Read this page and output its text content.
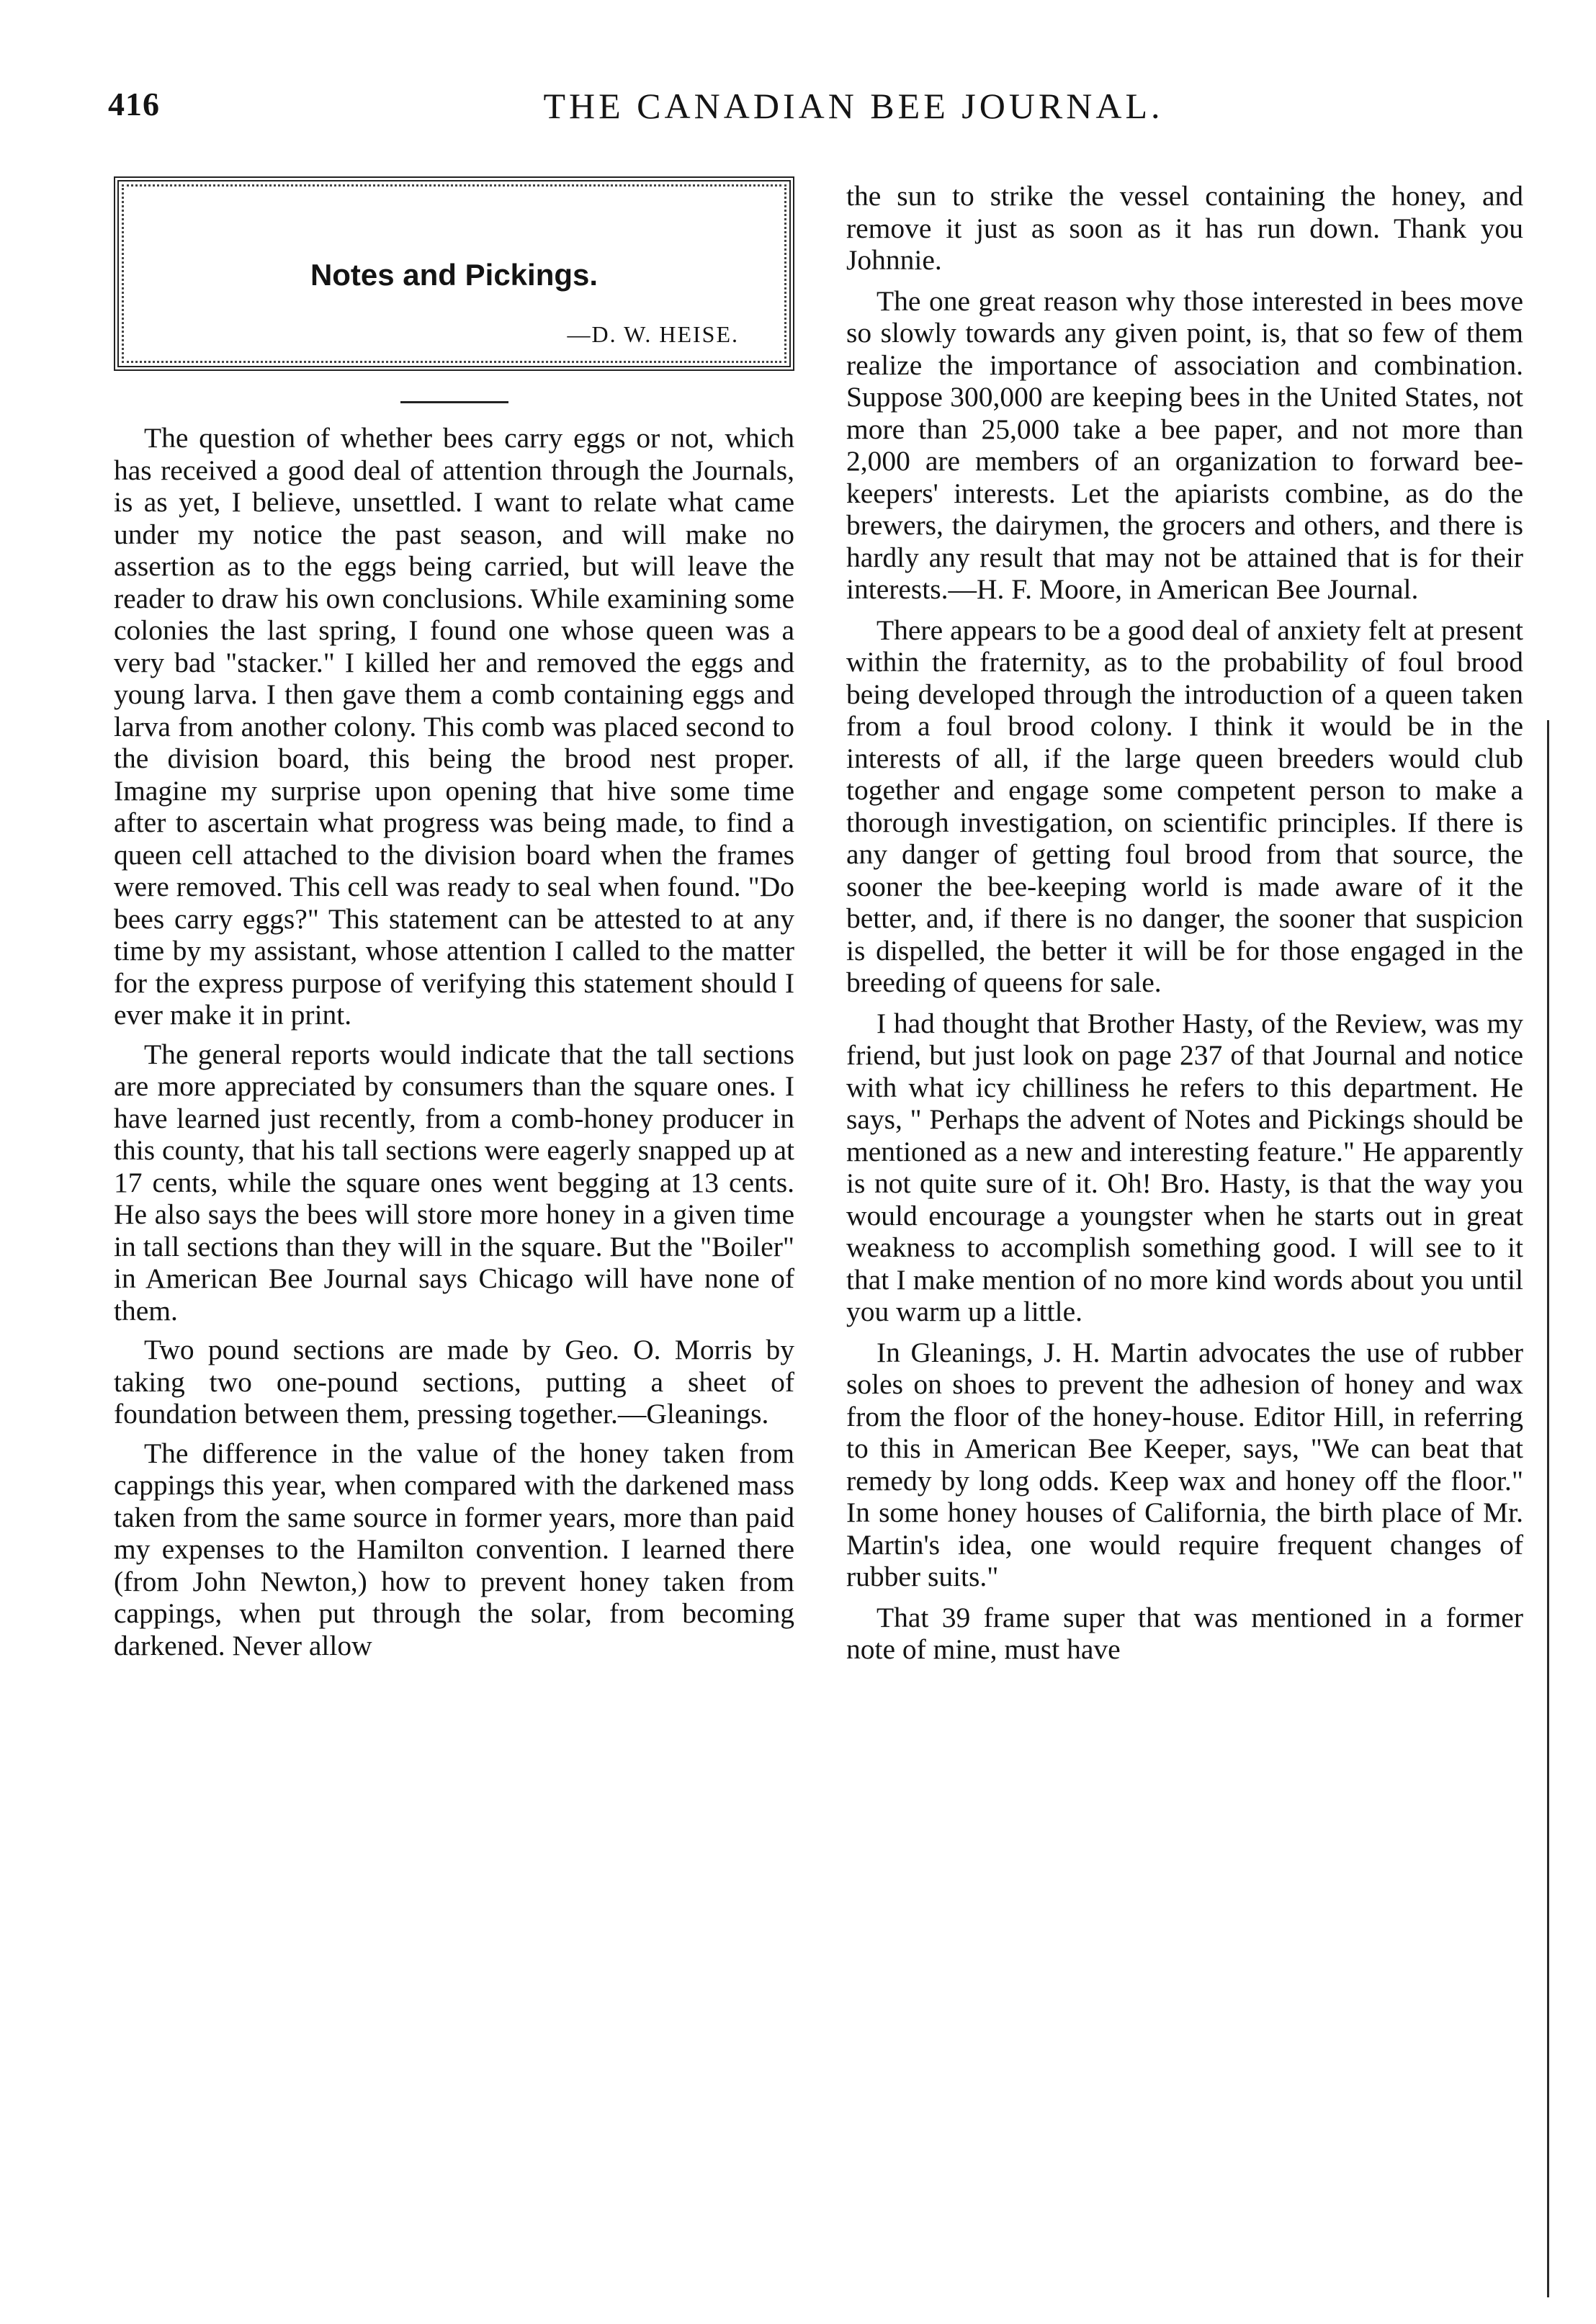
416	THE CANADIAN BEE JOURNAL.
Notes and Pickings.
—D. W. HEISE.

The question of whether bees carry eggs or not, which has received a good deal of attention through the Journals, is as yet, I believe, unsettled. I want to relate what came under my notice the past season, and will make no assertion as to the eggs being carried, but will leave the reader to draw his own conclusions. While examining some colonies the last spring, I found one whose queen was a very bad "stacker." I killed her and removed the eggs and young larva. I then gave them a comb containing eggs and larva from another colony. This comb was placed second to the division board, this being the brood nest proper. Imagine my surprise upon opening that hive some time after to ascertain what progress was being made, to find a queen cell attached to the division board when the frames were removed. This cell was ready to seal when found. "Do bees carry eggs?" This statement can be attested to at any time by my assistant, whose attention I called to the matter for the express purpose of verifying this statement should I ever make it in print.

The general reports would indicate that the tall sections are more appreciated by consumers than the square ones. I have learned just recently, from a comb-honey producer in this county, that his tall sections were eagerly snapped up at 17 cents, while the square ones went begging at 13 cents. He also says the bees will store more honey in a given time in tall sections than they will in the square. But the "Boiler" in American Bee Journal says Chicago will have none of them.

Two pound sections are made by Geo. O. Morris by taking two one-pound sections, putting a sheet of foundation between them, pressing together.—Gleanings.

The difference in the value of the honey taken from cappings this year, when compared with the darkened mass taken from the same source in former years, more than paid my expenses to the Hamilton convention. I learned there (from John Newton,) how to prevent honey taken from cappings, when put through the solar, from becoming darkened. Never allow

the sun to strike the vessel containing the honey, and remove it just as soon as it has run down. Thank you Johnnie.

The one great reason why those interested in bees move so slowly towards any given point, is, that so few of them realize the importance of association and combination. Suppose 300,000 are keeping bees in the United States, not more than 25,000 take a bee paper, and not more than 2,000 are members of an organization to forward bee-keepers' interests. Let the apiarists combine, as do the brewers, the dairymen, the grocers and others, and there is hardly any result that may not be attained that is for their interests.—H. F. Moore, in American Bee Journal.

There appears to be a good deal of anxiety felt at present within the fraternity, as to the probability of foul brood being developed through the introduction of a queen taken from a foul brood colony. I think it would be in the interests of all, if the large queen breeders would club together and engage some competent person to make a thorough investigation, on scientific principles. If there is any danger of getting foul brood from that source, the sooner the bee-keeping world is made aware of it the better, and, if there is no danger, the sooner that suspicion is dispelled, the better it will be for those engaged in the breeding of queens for sale.

I had thought that Brother Hasty, of the Review, was my friend, but just look on page 237 of that Journal and notice with what icy chilliness he refers to this department. He says, " Perhaps the advent of Notes and Pickings should be mentioned as a new and interesting feature." He apparently is not quite sure of it. Oh! Bro. Hasty, is that the way you would encourage a youngster when he starts out in great weakness to accomplish something good. I will see to it that I make mention of no more kind words about you until you warm up a little.

In Gleanings, J. H. Martin advocates the use of rubber soles on shoes to prevent the adhesion of honey and wax from the floor of the honey-house. Editor Hill, in referring to this in American Bee Keeper, says, "We can beat that remedy by long odds. Keep wax and honey off the floor." In some honey houses of California, the birth place of Mr. Martin's idea, one would require frequent changes of rubber suits."

That 39 frame super that was mentioned in a former note of mine, must have
